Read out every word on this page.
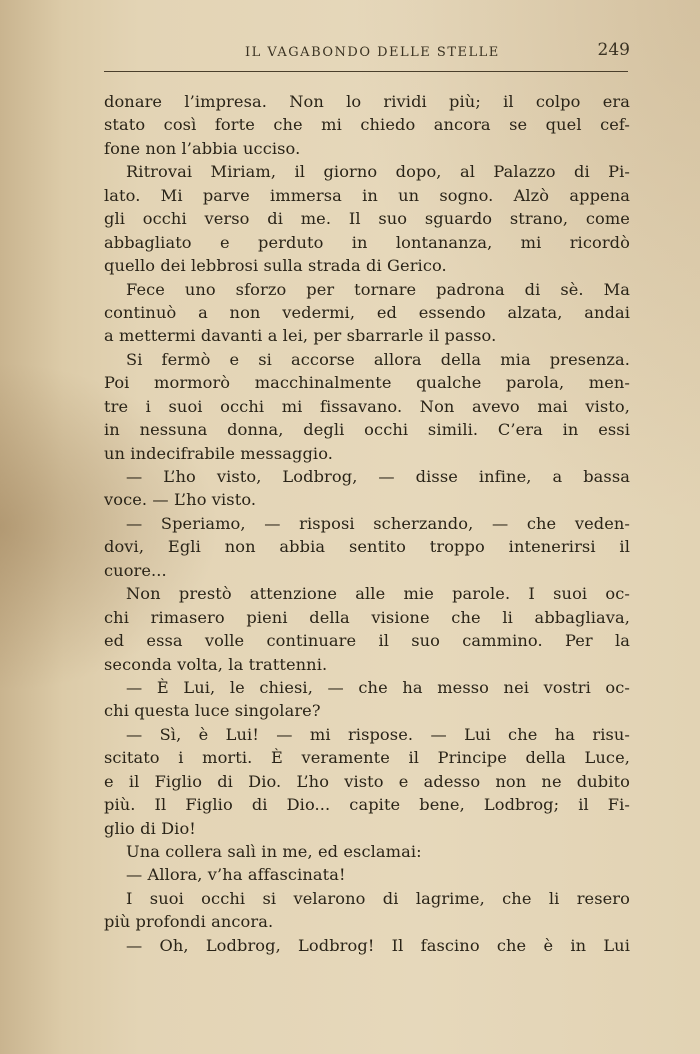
IL VAGABONDO DELLE STELLE	249
donare l’impresa. Non lo rividi più; il colpo era
stato così forte che mi chiedo ancora se quel cef-
fone non l’abbia ucciso.
Ritrovai Miriam, il giorno dopo, al Palazzo di Pi-
lato. Mi parve immersa in un sogno. Alzò appena
gli occhi verso di me. Il suo sguardo strano, come
abbagliato e perduto in lontananza, mi ricordò
quello dei lebbrosi sulla strada di Gerico.
Fece uno sforzo per tornare padrona di sè. Ma
continuò a non vedermi, ed essendo alzata, andai
a mettermi davanti a lei, per sbarrarle il passo.
Si fermò e si accorse allora della mia presenza.
Poi mormorò macchinalmente qualche parola, men-
tre i suoi occhi mi fissavano. Non avevo mai visto,
in nessuna donna, degli occhi simili. C’era in essi
un indecifrabile messaggio.
— L’ho visto, Lodbrog, — disse infine, a bassa
voce. — L’ho visto.
— Speriamo, — risposi scherzando, — che veden-
dovi, Egli non abbia sentito troppo intenerirsi il
cuore...
Non prestò attenzione alle mie parole. I suoi oc-
chi rimasero pieni della visione che li abbagliava,
ed essa volle continuare il suo cammino. Per la
seconda volta, la trattenni.
— È Lui, le chiesi, — che ha messo nei vostri oc-
chi questa luce singolare?
— Sì, è Lui! — mi rispose. — Lui che ha risu-
scitato i morti. È veramente il Principe della Luce,
e il Figlio di Dio. L’ho visto e adesso non ne dubito
più. Il Figlio di Dio... capite bene, Lodbrog; il Fi-
glio di Dio!
Una collera salì in me, ed esclamai:
— Allora, v’ha affascinata!
I suoi occhi si velarono di lagrime, che li resero
più profondi ancora.
— Oh, Lodbrog, Lodbrog! Il fascino che è in Lui
